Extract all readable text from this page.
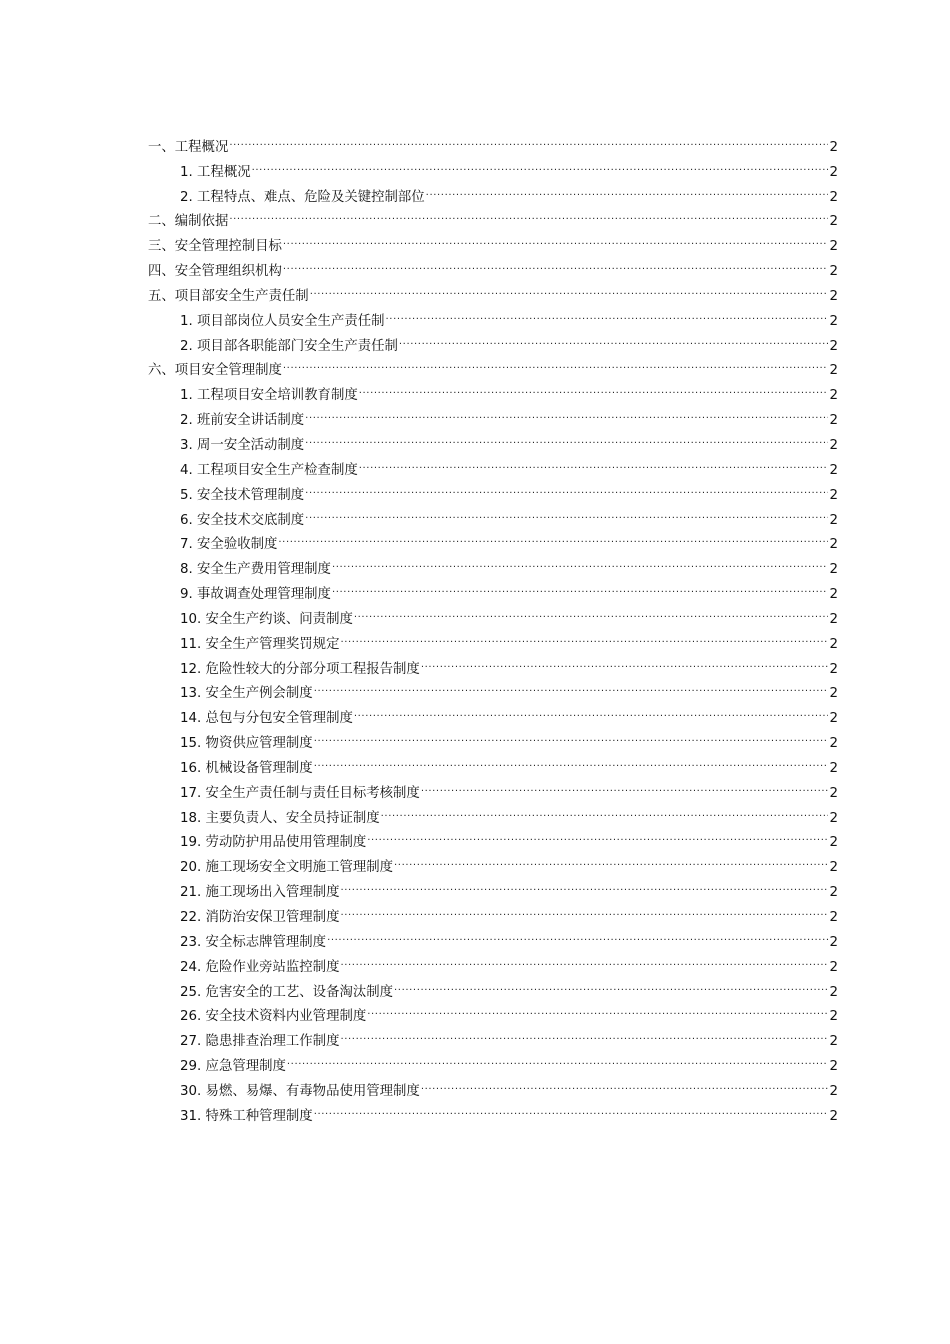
一、工程概况 .....	2
1. 工程概况 .....	2
2. 工程特点、难点、危险及关键控制部位 .....	2
二、编制依据 .....	2
三、安全管理控制目标 .....	2
四、安全管理组织机构 .....	2
五、项目部安全生产责任制 .....	2
1. 项目部岗位人员安全生产责任制 .....	2
2. 项目部各职能部门安全生产责任制 .....	2
六、项目安全管理制度 .....	2
1. 工程项目安全培训教育制度 .....	2
2. 班前安全讲话制度 .....	2
3. 周一安全活动制度 .....	2
4. 工程项目安全生产检查制度 .....	2
5. 安全技术管理制度 .....	2
6. 安全技术交底制度 .....	2
7. 安全验收制度 .....	2
8. 安全生产费用管理制度 .....	2
9. 事故调查处理管理制度 .....	2
10. 安全生产约谈、问责制度 .....	2
11. 安全生产管理奖罚规定 .....	2
12. 危险性较大的分部分项工程报告制度 .....	2
13. 安全生产例会制度 .....	2
14. 总包与分包安全管理制度 .....	2
15. 物资供应管理制度 .....	2
16. 机械设备管理制度 .....	2
17. 安全生产责任制与责任目标考核制度 .....	2
18. 主要负责人、安全员持证制度 .....	2
19. 劳动防护用品使用管理制度 .....	2
20. 施工现场安全文明施工管理制度 .....	2
21. 施工现场出入管理制度 .....	2
22. 消防治安保卫管理制度 .....	2
23. 安全标志牌管理制度 .....	2
24. 危险作业旁站监控制度 .....	2
25. 危害安全的工艺、设备淘汰制度 .....	2
26. 安全技术资料内业管理制度 .....	2
27. 隐患排查治理工作制度 .....	2
29. 应急管理制度 .....	2
30. 易燃、易爆、有毒物品使用管理制度 .....	2
31. 特殊工种管理制度 .....	2
